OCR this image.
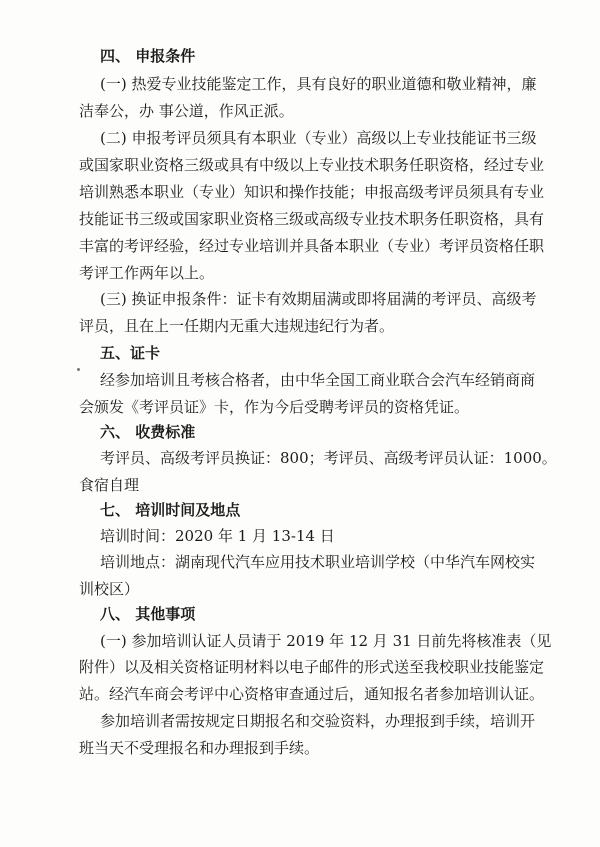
四、 申报条件
(一) 热爱专业技能鉴定工作，具有良好的职业道德和敬业精神，廉
洁奉公，办 事公道，作风正派。
(二) 申报考评员须具有本职业（专业）高级以上专业技能证书三级
或国家职业资格三级或具有中级以上专业技术职务任职资格，经过专业
培训熟悉本职业（专业）知识和操作技能；申报高级考评员须具有专业
技能证书三级或国家职业资格三级或高级专业技术职务任职资格，具有
丰富的考评经验，经过专业培训并具备本职业（专业）考评员资格任职
考评工作两年以上。
(三) 换证申报条件：证卡有效期届满或即将届满的考评员、高级考
评员，且在上一任期内无重大违规违纪行为者。
五、证卡
经参加培训且考核合格者，由中华全国工商业联合会汽车经销商商
会颁发《考评员证》卡，作为今后受聘考评员的资格凭证。
六、 收费标准
考评员、高级考评员换证：800；考评员、高级考评员认证：1000。
食宿自理
七、 培训时间及地点
培训时间：2020 年 1 月 13-14 日
培训地点：湖南现代汽车应用技术职业培训学校（中华汽车网校实
训校区）
八、 其他事项
(一) 参加培训认证人员请于 2019 年 12 月 31 日前先将核准表（见
附件）以及相关资格证明材料以电子邮件的形式送至我校职业技能鉴定
站。经汽车商会考评中心资格审查通过后，通知报名者参加培训认证。
参加培训者需按规定日期报名和交验资料，办理报到手续，培训开
班当天不受理报名和办理报到手续。
